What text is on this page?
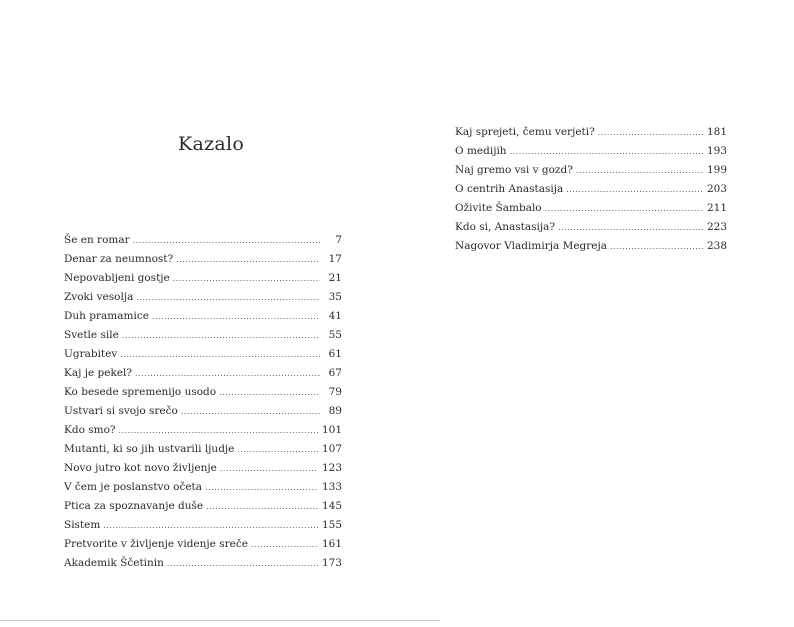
Kazalo
Še en romar .....	7
Denar za neumnost? .....	17
Nepovabljeni gostje .....	21
Zvoki vesolja .....	35
Duh pramamice .....	41
Svetle sile .....	55
Ugrabitev .....	61
Kaj je pekel? .....	67
Ko besede spremenijo usodo .....	79
Ustvari si svojo srečo .....	89
Kdo smo? .....	101
Mutanti, ki so jih ustvarili ljudje .....	107
Novo jutro kot novo življenje .....	123
V čem je poslanstvo očeta .....	133
Ptica za spoznavanje duše .....	145
Sistem .....	155
Pretvorite v življenje videnje sreče .....	161
Akademik Ščetinin .....	173
Kaj sprejeti, čemu verjeti? .....	181
O medijih .....	193
Naj gremo vsi v gozd? .....	199
O centrih Anastasija .....	203
Oživite Šambalo .....	211
Kdo si, Anastasija? .....	223
Nagovor Vladimirja Megreja .....	238
